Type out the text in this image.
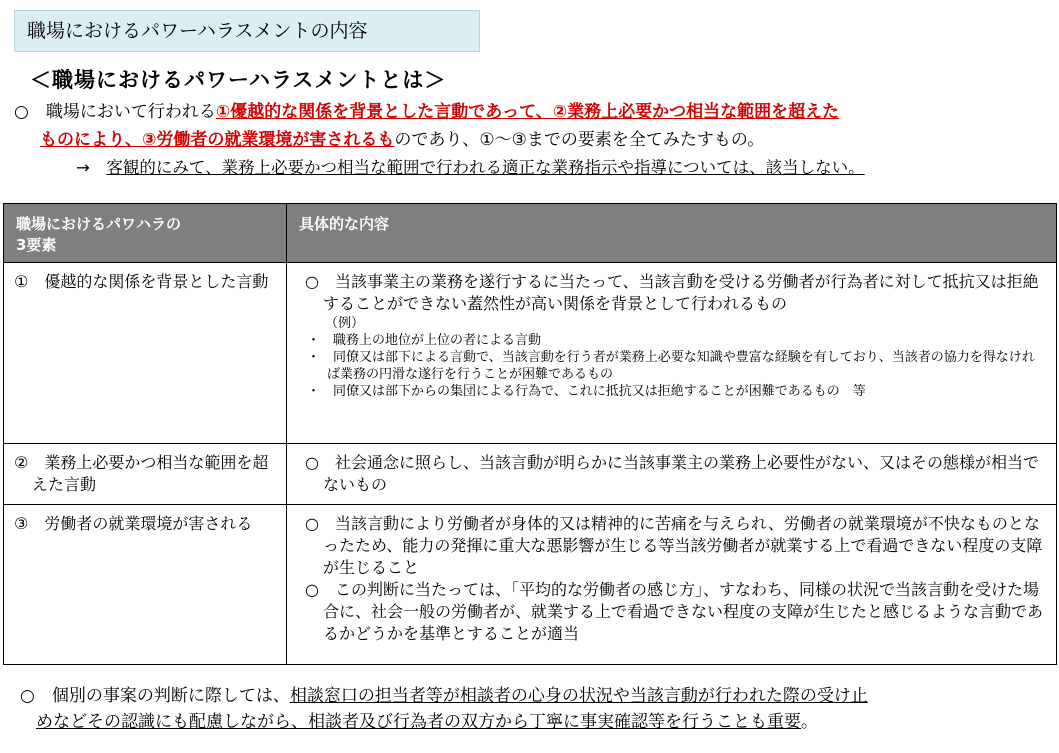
職場におけるパワーハラスメントの内容
＜職場におけるパワーハラスメントとは＞
○　職場において行われる①優越的な関係を背景とした言動であって、②業務上必要かつ相当な範囲を超えた
ものにより、③労働者の就業環境が害されるものであり、①～③までの要素を全てみたすもの。
→　 客観的にみて、業務上必要かつ相当な範囲で行われる適正な業務指示や指導については、該当しない。
職場におけるパワハラの
3要素	具体的な内容
①　優越的な関係を背景とした言動	○　当該事業主の業務を遂行するに当たって、当該言動を受ける労働者が行為者に対して抵抗又は拒絶することができない蓋然性が高い関係を背景として行われるもの
（例）
・　職務上の地位が上位の者による言動
・　同僚又は部下による言動で、当該言動を行う者が業務上必要な知識や豊富な経験を有しており、当該者の協力を得なければ業務の円滑な遂行を行うことが困難であるもの
・　同僚又は部下からの集団による行為で、これに抵抗又は拒絶することが困難であるもの　等

②　業務上必要かつ相当な範囲を超えた言動	○　社会通念に照らし、当該言動が明らかに当該事業主の業務上必要性がない、又はその態様が相当でないもの
③　労働者の就業環境が害される	○　当該言動により労働者が身体的又は精神的に苦痛を与えられ、労働者の就業環境が不快なものとなったため、能力の発揮に重大な悪影響が生じる等当該労働者が就業する上で看過できない程度の支障が生じること
○　この判断に当たっては、「平均的な労働者の感じ方」、すなわち、同様の状況で当該言動を受けた場合に、社会一般の労働者が、就業する上で看過できない程度の支障が生じたと感じるような言動であるかどうかを基準とすることが適当
○　個別の事案の判断に際しては、相談窓口の担当者等が相談者の心身の状況や当該言動が行われた際の受け止
めなどその認識にも配慮しながら、相談者及び行為者の双方から丁寧に事実確認等を行うことも重要。
